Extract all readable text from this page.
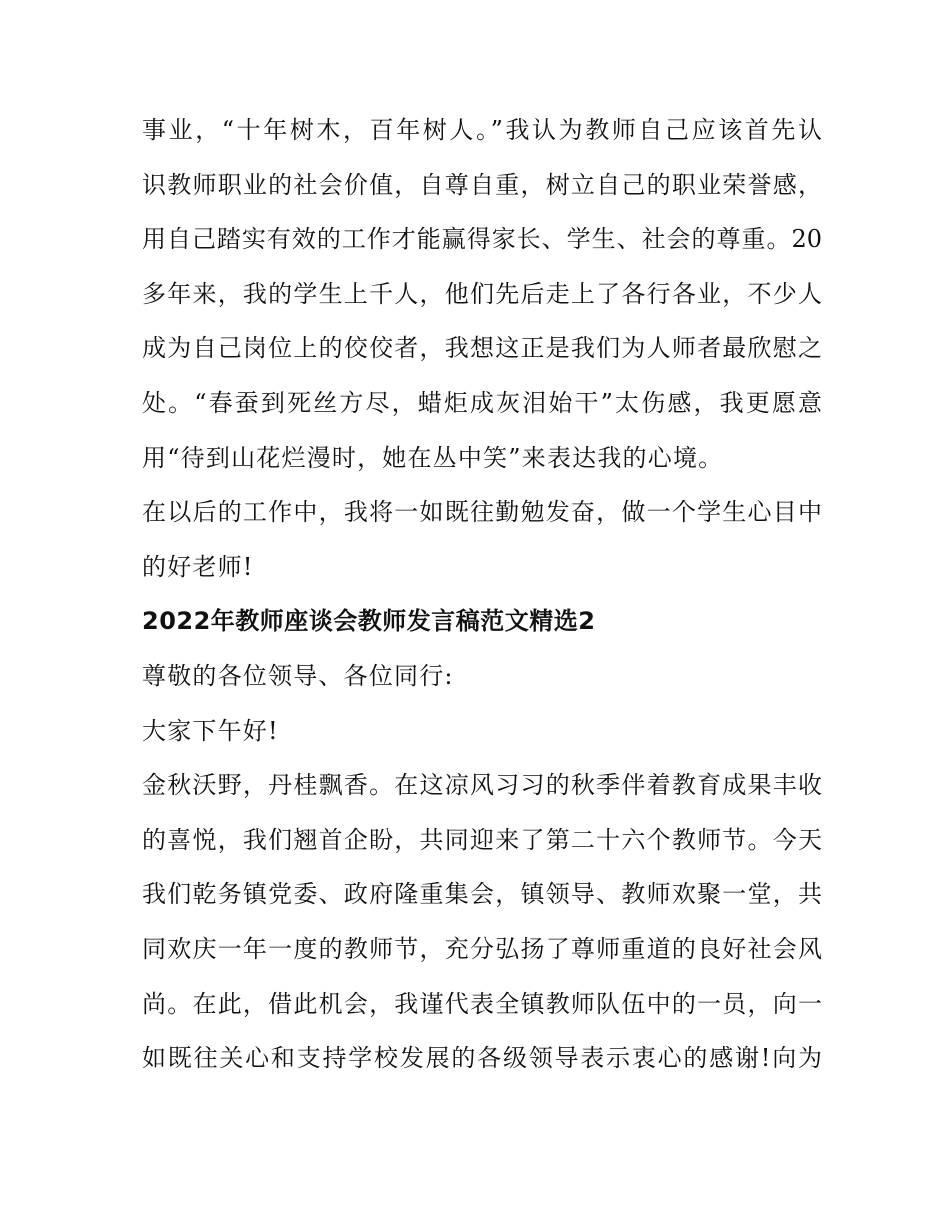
事业，“十年树木，百年树人。”我认为教师自己应该首先认

识教师职业的社会价值，自尊自重，树立自己的职业荣誉感，

用自己踏实有效的工作才能赢得家长、学生、社会的尊重。20

多年来，我的学生上千人，他们先后走上了各行各业，不少人

成为自己岗位上的佼佼者，我想这正是我们为人师者最欣慰之

处。“春蚕到死丝方尽，蜡炬成灰泪始干”太伤感，我更愿意

用“待到山花烂漫时，她在丛中笑”来表达我的心境。

在以后的工作中，我将一如既往勤勉发奋，做一个学生心目中

的好老师!

2022年教师座谈会教师发言稿范文精选2

尊敬的各位领导、各位同行:

大家下午好!

金秋沃野，丹桂飘香。在这凉风习习的秋季伴着教育成果丰收

的喜悦，我们翘首企盼，共同迎来了第二十六个教师节。今天

我们乾务镇党委、政府隆重集会，镇领导、教师欢聚一堂，共

同欢庆一年一度的教师节，充分弘扬了尊师重道的良好社会风

尚。在此，借此机会，我谨代表全镇教师队伍中的一员，向一

如既往关心和支持学校发展的各级领导表示衷心的感谢!向为
